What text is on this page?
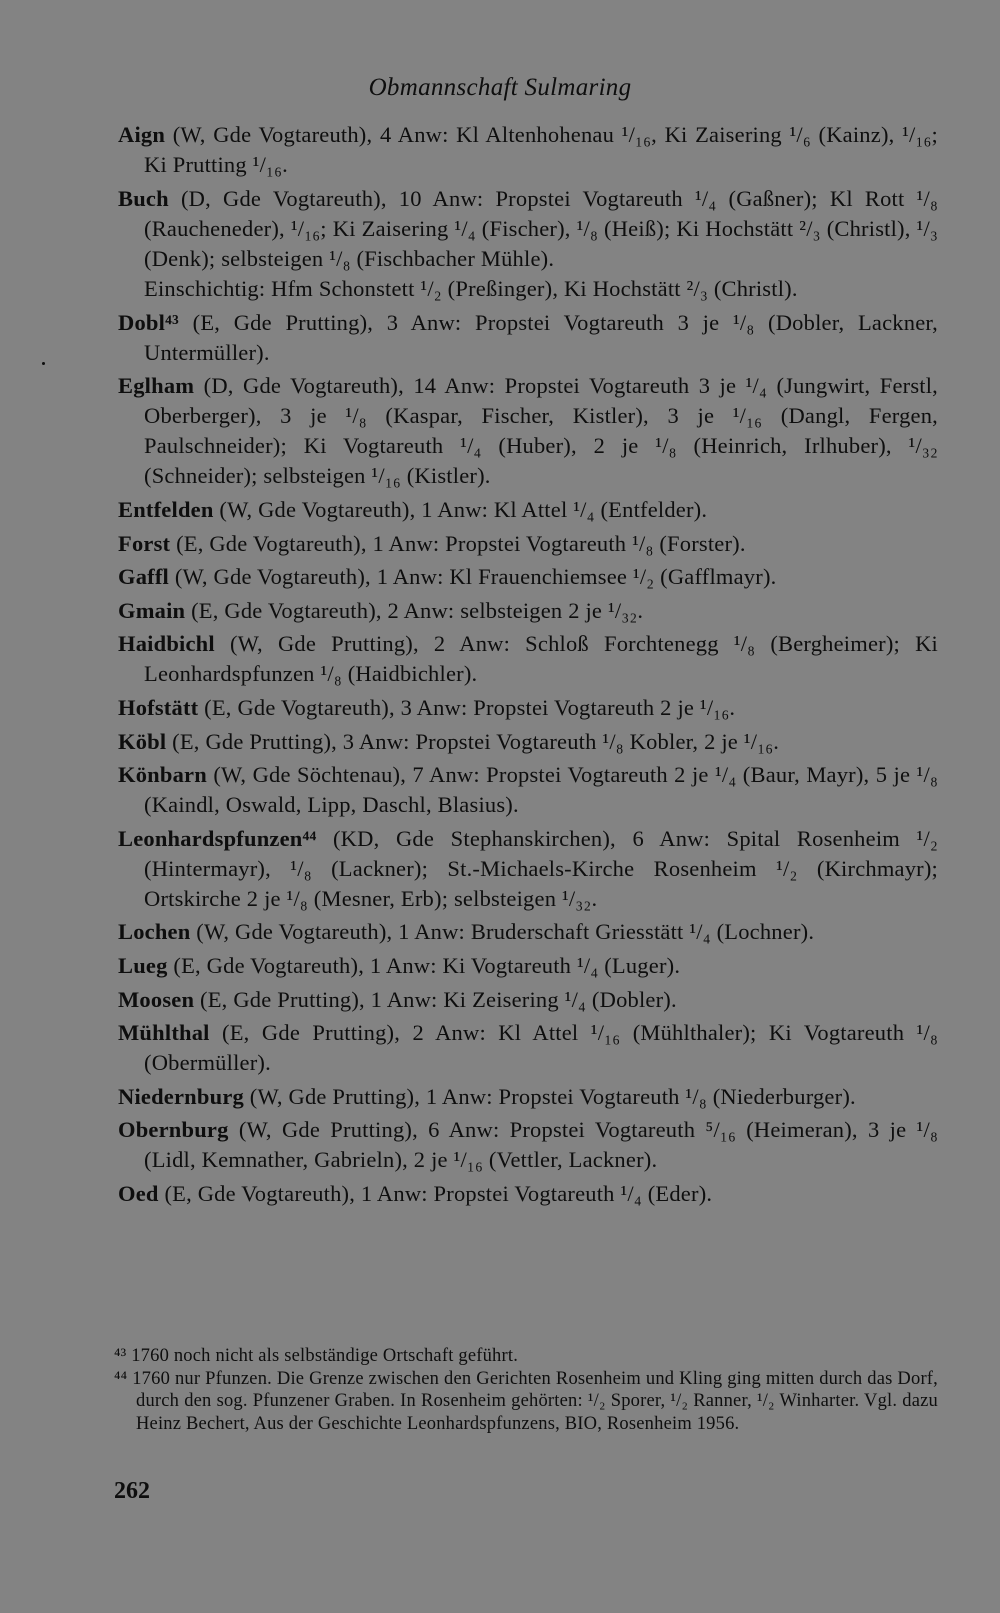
Obmannschaft Sulmaring

Aign (W, Gde Vogtareuth), 4 Anw: Kl Altenhohenau ¹/₁₆, Ki Zaisering ¹/₆ (Kainz), ¹/₁₆; Ki Prutting ¹/₁₆.

Buch (D, Gde Vogtareuth), 10 Anw: Propstei Vogtareuth ¹/₄ (Gaßner); Kl Rott ¹/₈ (Raucheneder), ¹/₁₆; Ki Zaisering ¹/₄ (Fischer), ¹/₈ (Heiß); Ki Hochstätt ²/₃ (Christl), ¹/₃ (Denk); selbsteigen ¹/₈ (Fischbacher Mühle).

Einschichtig: Hfm Schonstett ¹/₂ (Preßinger), Ki Hochstätt ²/₃ (Christl).

Dobl⁴³ (E, Gde Prutting), 3 Anw: Propstei Vogtareuth 3 je ¹/₈ (Dobler, Lackner, Untermüller).

Eglham (D, Gde Vogtareuth), 14 Anw: Propstei Vogtareuth 3 je ¹/₄ (Jungwirt, Ferstl, Oberberger), 3 je ¹/₈ (Kaspar, Fischer, Kistler), 3 je ¹/₁₆ (Dangl, Fergen, Paulschneider); Ki Vogtareuth ¹/₄ (Huber), 2 je ¹/₈ (Heinrich, Irlhuber), ¹/₃₂ (Schneider); selbsteigen ¹/₁₆ (Kistler).

Entfelden (W, Gde Vogtareuth), 1 Anw: Kl Attel ¹/₄ (Entfelder).

Forst (E, Gde Vogtareuth), 1 Anw: Propstei Vogtareuth ¹/₈ (Forster).

Gaffl (W, Gde Vogtareuth), 1 Anw: Kl Frauenchiemsee ¹/₂ (Gafflmayr).

Gmain (E, Gde Vogtareuth), 2 Anw: selbsteigen 2 je ¹/₃₂.

Haidbichl (W, Gde Prutting), 2 Anw: Schloß Forchtenegg ¹/₈ (Bergheimer); Ki Leonhardspfunzen ¹/₈ (Haidbichler).

Hofstätt (E, Gde Vogtareuth), 3 Anw: Propstei Vogtareuth 2 je ¹/₁₆.

Köbl (E, Gde Prutting), 3 Anw: Propstei Vogtareuth ¹/₈ Kobler, 2 je ¹/₁₆.

Könbarn (W, Gde Söchtenau), 7 Anw: Propstei Vogtareuth 2 je ¹/₄ (Baur, Mayr), 5 je ¹/₈ (Kaindl, Oswald, Lipp, Daschl, Blasius).

Leonhardspfunzen⁴⁴ (KD, Gde Stephanskirchen), 6 Anw: Spital Rosenheim ¹/₂ (Hintermayr), ¹/₈ (Lackner); St.-Michaels-Kirche Rosenheim ¹/₂ (Kirchmayr); Ortskirche 2 je ¹/₈ (Mesner, Erb); selbsteigen ¹/₃₂.

Lochen (W, Gde Vogtareuth), 1 Anw: Bruderschaft Griesstätt ¹/₄ (Lochner).

Lueg (E, Gde Vogtareuth), 1 Anw: Ki Vogtareuth ¹/₄ (Luger).

Moosen (E, Gde Prutting), 1 Anw: Ki Zeisering ¹/₄ (Dobler).

Mühlthal (E, Gde Prutting), 2 Anw: Kl Attel ¹/₁₆ (Mühlthaler); Ki Vogtareuth ¹/₈ (Obermüller).

Niedernburg (W, Gde Prutting), 1 Anw: Propstei Vogtareuth ¹/₈ (Niederburger).

Obernburg (W, Gde Prutting), 6 Anw: Propstei Vogtareuth ⁵/₁₆ (Heimeran), 3 je ¹/₈ (Lidl, Kemnather, Gabrieln), 2 je ¹/₁₆ (Vettler, Lackner).

Oed (E, Gde Vogtareuth), 1 Anw: Propstei Vogtareuth ¹/₄ (Eder).

⁴³ 1760 noch nicht als selbständige Ortschaft geführt.

⁴⁴ 1760 nur Pfunzen. Die Grenze zwischen den Gerichten Rosenheim und Kling ging mitten durch das Dorf, durch den sog. Pfunzener Graben. In Rosenheim gehörten: ¹/₂ Sporer, ¹/₂ Ranner, ¹/₂ Winharter. Vgl. dazu Heinz Bechert, Aus der Geschichte Leonhardspfunzens, BIO, Rosenheim 1956.

262
